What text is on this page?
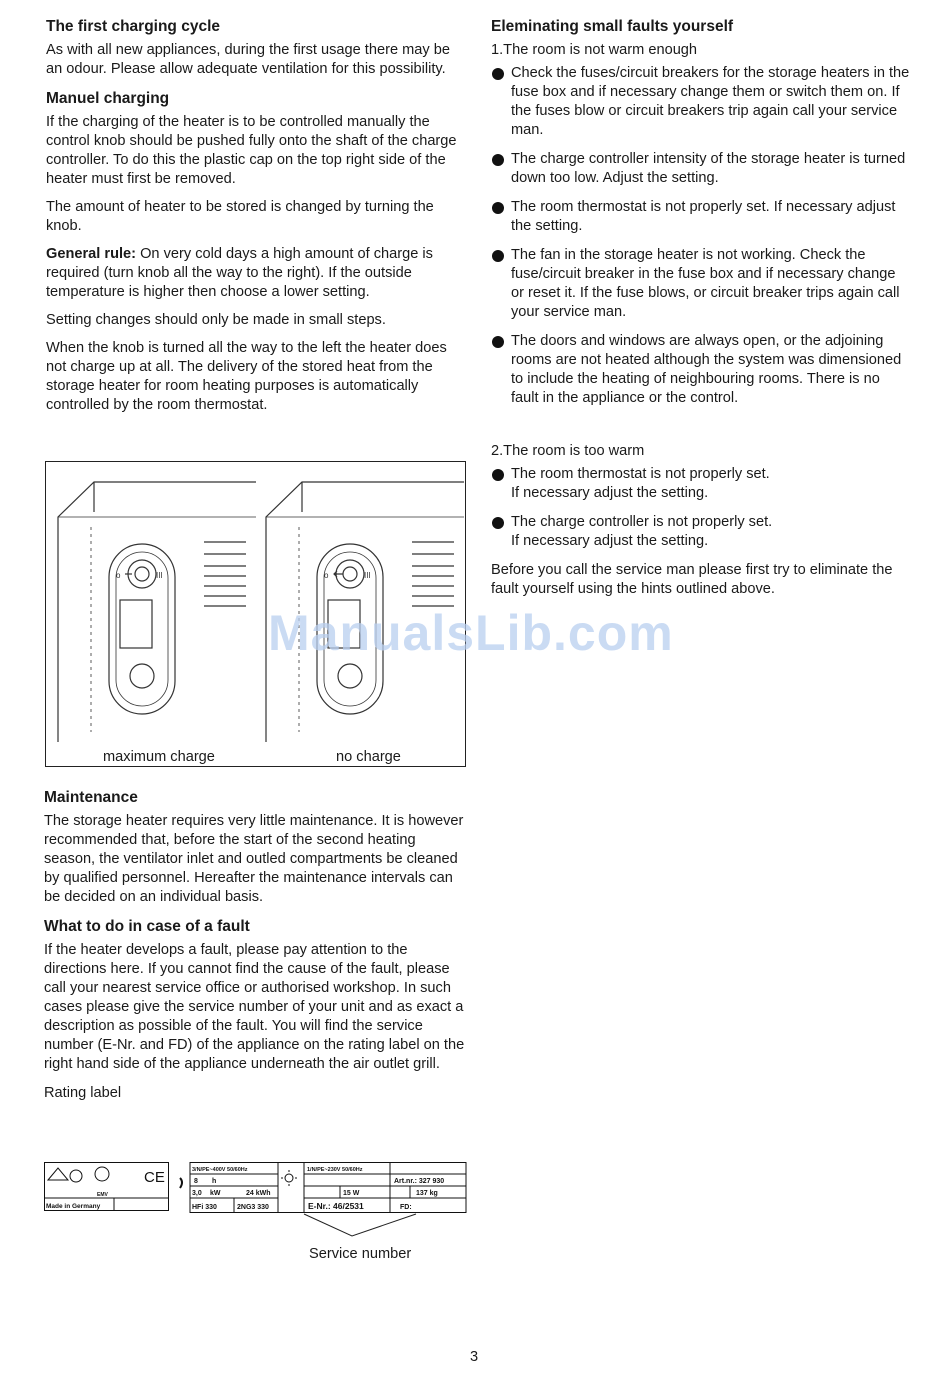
The first charging cycle

As with all new appliances, during the first usage there may be an odour. Please allow adequate ventilation for this possibility.

Manuel charging

If the charging of the heater is to be controlled manually the control knob should be pushed fully onto the shaft of the charge controller. To do this the plastic cap on the top right side of the heater must first be removed.

The amount of heater to be stored is changed by turning the knob.

General rule: On very cold days a high amount of charge is required (turn knob all the way to the right). If the outside temperature is higher then choose a lower setting.

Setting changes should only be made in small steps.

When the knob is turned all the way to the left the heater does not charge up at all. The delivery of the stored heat from the storage heater for room heating purposes is automatically controlled by the room thermostat.

o	III	o	III
maximum charge	no charge
Maintenance

The storage heater requires very little maintenance. It is however recommended that, before the start of the second heating season, the ventilator inlet and outled compartments be cleaned by qualified personnel. Hereafter the maintenance intervals can be decided on an individual basis.

What to do in case of a fault

If the heater develops a fault, please pay attention to the directions here. If you cannot find the cause of the fault, please call your nearest service office or authorised workshop. In such cases please give the service number of your unit and as exact a description as possible of the fault. You will find the service number (E-Nr. and FD) of the appliance on the rating label on the right hand side of the appliance underneath the air outlet grill.

Rating label

EMV
CE
Made in Germany
3/N/PE~400V 50/60Hz
8 h
3,0 kW	24 kWh
HFi 330	2NG3 330
1/N/PE~230V 50/60Hz
15 W
Art.nr.: 327 930
137 kg
E-Nr.: 46/2531	FD:
Service number
Eleminating small faults yourself

1.The room is not warm enough

Check the fuses/circuit breakers for the storage heaters in the fuse box and if necessary change them or switch them on. If the fuses blow or circuit breakers trip again call your service man.
The charge controller intensity of the storage heater is turned down too low. Adjust the setting.
The room thermostat is not properly set. If necessary adjust the setting.
The fan in the storage heater is not working. Check the fuse/circuit breaker in the fuse box and if necessary change or reset it. If the fuse blows, or circuit breaker trips again call your service man.
The doors and windows are always open, or the adjoining rooms are not heated although the system was dimensioned to include the heating of neighbouring rooms. There is no fault in the appliance or the control.

2.The room is too warm

The room thermostat is not properly set.
If necessary adjust the setting.
The charge controller is not properly set.
If necessary adjust the setting.

Before you call the service man please first try to eliminate the fault yourself using the hints outlined above.

ManualsLib.com
3
